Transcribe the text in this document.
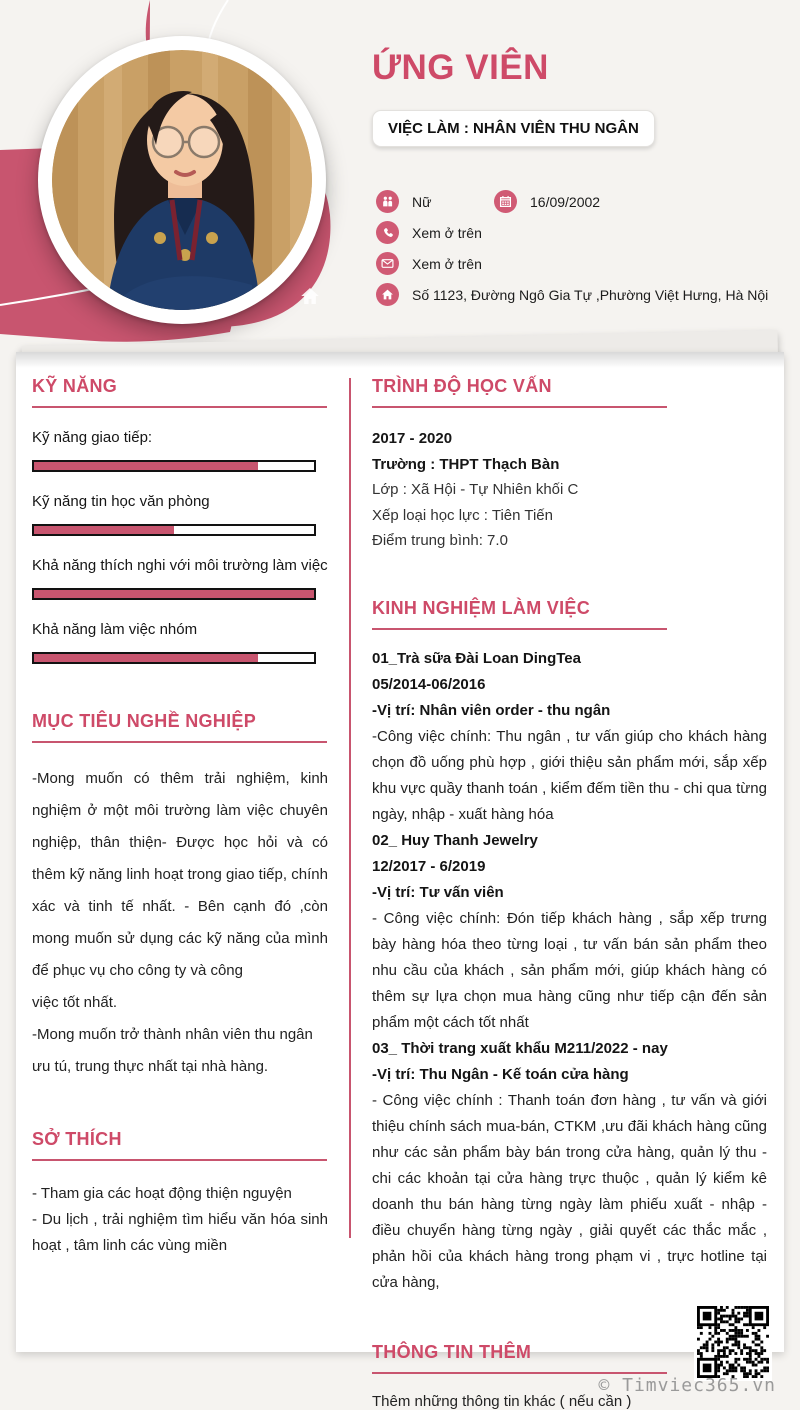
ỨNG VIÊN
VIỆC LÀM : NHÂN VIÊN THU NGÂN
Nữ	16/09/2002
Xem ở trên
Xem ở trên
Số 1123, Đường Ngô Gia Tự ,Phường Việt Hưng, Hà Nội
KỸ NĂNG
Kỹ năng giao tiếp:
Kỹ năng tin học văn phòng
Khả năng thích nghi với môi trường làm việc
Khả năng làm việc nhóm
MỤC TIÊU NGHỀ NGHIỆP

-Mong muốn có thêm trải nghiệm, kinh nghiệm ở một môi trường làm việc chuyên nghiệp, thân thiện- Được học hỏi và có thêm kỹ năng linh hoạt trong giao tiếp, chính xác và tinh tế nhất. - Bên cạnh đó ,còn mong muốn sử dụng các kỹ năng của mình để phục vụ cho công ty và công

việc tốt nhất.

-Mong muốn trở thành nhân viên thu ngân ưu tú, trung thực nhất tại nhà hàng.

SỞ THÍCH
- Tham gia các hoạt động thiện nguyện
- Du lịch , trải nghiệm tìm hiểu văn hóa sinh hoạt , tâm linh các vùng miền
TRÌNH ĐỘ HỌC VẤN
2017 - 2020
Trường : THPT Thạch Bàn
Lớp : Xã Hội - Tự Nhiên khối C
Xếp loại học lực : Tiên Tiến
Điểm trung bình: 7.0
KINH NGHIỆM LÀM VIỆC
01_Trà sữa Đài Loan DingTea
05/2014-06/2016
-Vị trí: Nhân viên order - thu ngân
-Công việc chính: Thu ngân , tư vấn giúp cho khách hàng chọn đồ uống phù hợp , giới thiệu sản phẩm mới, sắp xếp khu vực quầy thanh toán , kiểm đếm tiền thu - chi qua từng ngày, nhập - xuất hàng hóa
02_ Huy Thanh Jewelry
12/2017 - 6/2019
-Vị trí: Tư vấn viên
- Công việc chính: Đón tiếp khách hàng , sắp xếp trưng bày hàng hóa theo từng loại , tư vấn bán sản phẩm theo nhu cầu của khách , sản phẩm mới, giúp khách hàng có thêm sự lựa chọn mua hàng cũng như tiếp cận đến sản phẩm một cách tốt nhất
03_ Thời trang xuất khẩu M211/2022 - nay
-Vị trí: Thu Ngân - Kế toán cửa hàng
- Công việc chính : Thanh toán đơn hàng , tư vấn và giới thiệu chính sách mua-bán, CTKM ,ưu đãi khách hàng cũng như các sản phẩm bày bán trong cửa hàng, quản lý thu - chi các khoản tại cửa hàng trực thuộc , quản lý kiểm kê doanh thu bán hàng từng ngày làm phiếu xuất - nhập - điều chuyển hàng từng ngày , giải quyết các thắc mắc , phản hồi của khách hàng trong phạm vi , trực hotline tại cửa hàng,
THÔNG TIN THÊM
Thêm những thông tin khác ( nếu cần )
© Timviec365.vn
